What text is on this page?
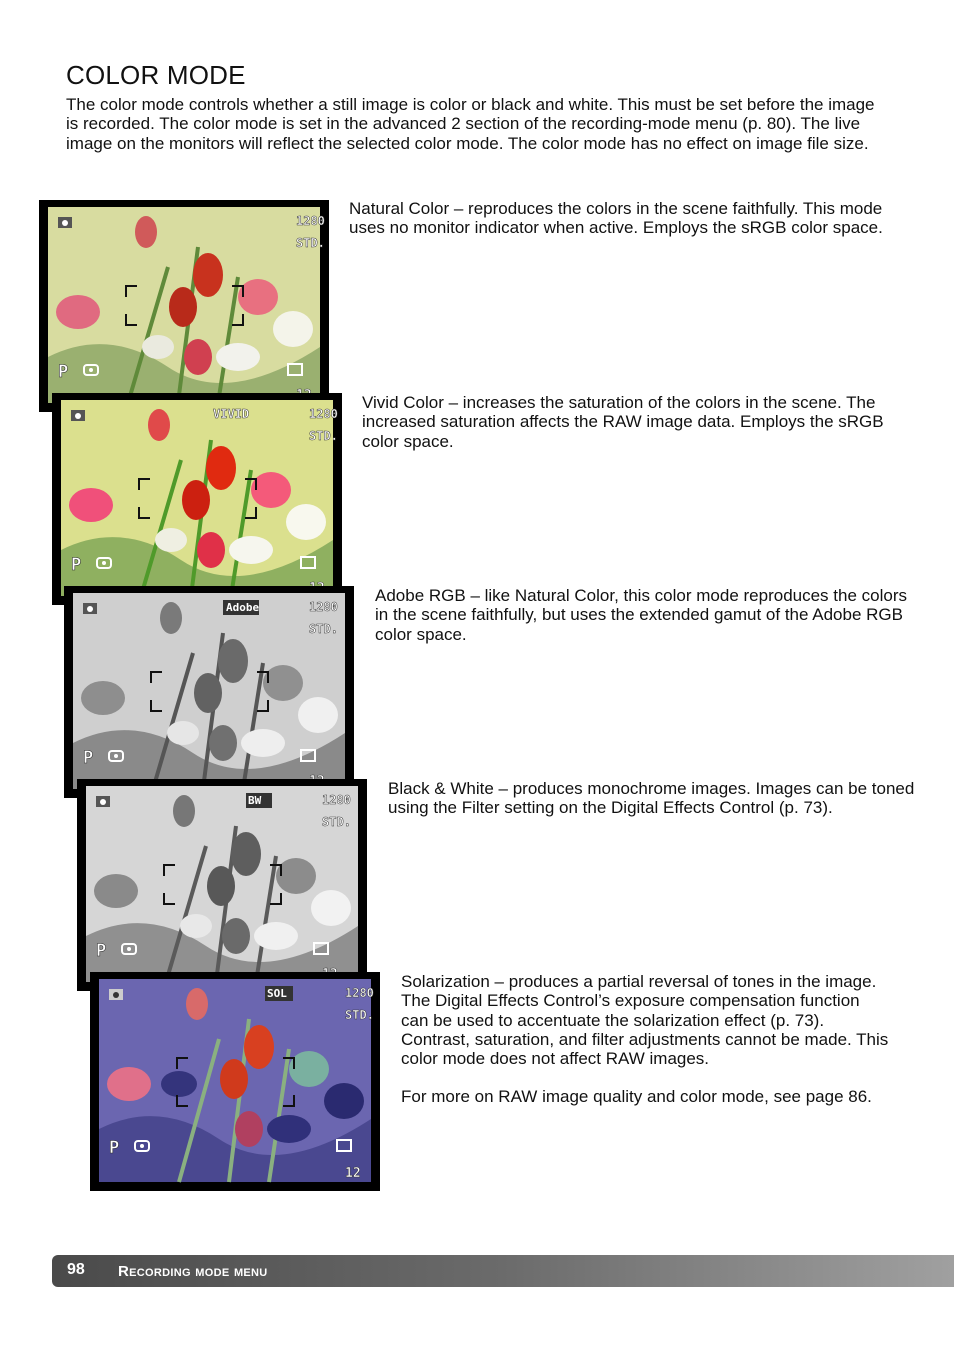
COLOR MODE
The color mode controls whether a still image is color or black and white. This must be set before the image is recorded. The color mode is set in the advanced 2 section of the recording-mode menu (p. 80). The live image on the monitors will reflect the selected color mode. The color mode has no effect on image file size.
1280
STD.
P

Natural Color – reproduces the colors in the scene faithfully. This mode uses no monitor indicator when active. Employs the sRGB color space.

VIVID	1280
STD.
P

Vivid Color – increases the saturation of the colors in the scene. The increased saturation affects the RAW image data. Employs the sRGB color space.

Adobe	1280
STD.
P

Adobe RGB – like Natural Color, this color mode reproduces the colors in the scene faithfully, but uses the extended gamut of the Adobe RGB color space.

BW	1280
STD.
P

Black & White – produces monochrome images. Images can be toned using the Filter setting on the Digital Effects Control (p. 73).

SOL	1280
STD.
P
12

Solarization – produces a partial reversal of tones in the image. The Digital Effects Control’s exposure compensation function can be used to accentuate the solarization effect (p. 73). Contrast, saturation, and filter adjustments cannot be made. This color mode does not affect RAW images.

For more on RAW image quality and color mode, see page 86.

98 Recording mode menu
